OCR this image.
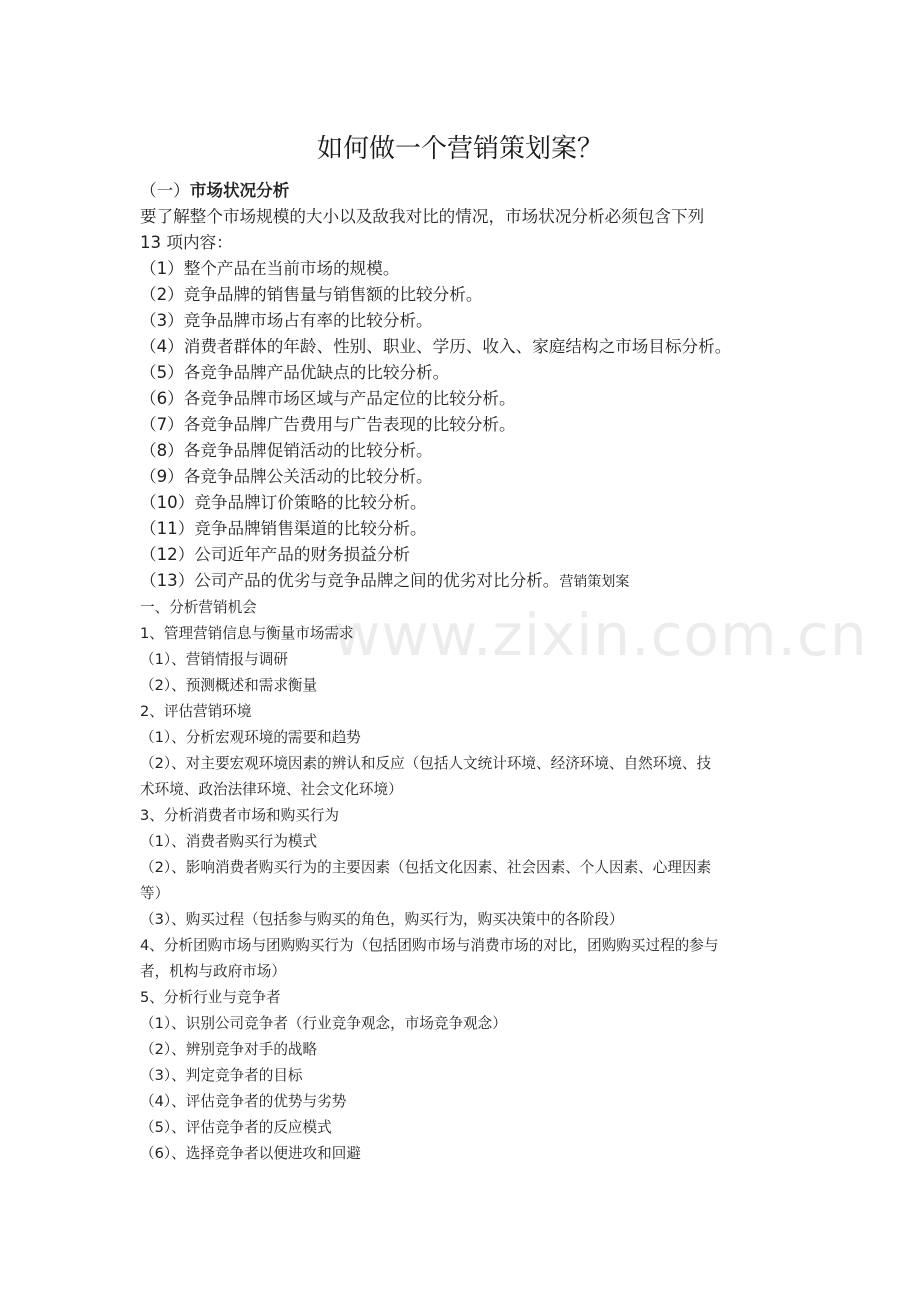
www.zixin.com.cn
如何做一个营销策划案？
（一）市场状况分析
要了解整个市场规模的大小以及敌我对比的情况，市场状况分析必须包含下列
13 项内容：
（1）整个产品在当前市场的规模。
（2）竞争品牌的销售量与销售额的比较分析。
（3）竞争品牌市场占有率的比较分析。
（4）消费者群体的年龄、性别、职业、学历、收入、家庭结构之市场目标分析。
（5）各竞争品牌产品优缺点的比较分析。
（6）各竞争品牌市场区域与产品定位的比较分析。
（7）各竞争品牌广告费用与广告表现的比较分析。
（8）各竞争品牌促销活动的比较分析。
（9）各竞争品牌公关活动的比较分析。
（10）竞争品牌订价策略的比较分析。
（11）竞争品牌销售渠道的比较分析。
（12）公司近年产品的财务损益分析
（13）公司产品的优劣与竞争品牌之间的优劣对比分析。营销策划案
一、分析营销机会
1、管理营销信息与衡量市场需求
（1）、营销情报与调研
（2）、预测概述和需求衡量
2、评估营销环境
（1）、分析宏观环境的需要和趋势
（2）、对主要宏观环境因素的辨认和反应（包括人文统计环境、经济环境、自然环境、技
术环境、政治法律环境、社会文化环境）
3、分析消费者市场和购买行为
（1）、消费者购买行为模式
（2）、影响消费者购买行为的主要因素（包括文化因素、社会因素、个人因素、心理因素
等）
（3）、购买过程（包括参与购买的角色，购买行为，购买决策中的各阶段）
4、分析团购市场与团购购买行为（包括团购市场与消费市场的对比，团购购买过程的参与
者，机构与政府市场）
5、分析行业与竞争者
（1）、识别公司竞争者（行业竞争观念，市场竞争观念）
（2）、辨别竞争对手的战略
（3）、判定竞争者的目标
（4）、评估竞争者的优势与劣势
（5）、评估竞争者的反应模式
（6）、选择竞争者以便进攻和回避
